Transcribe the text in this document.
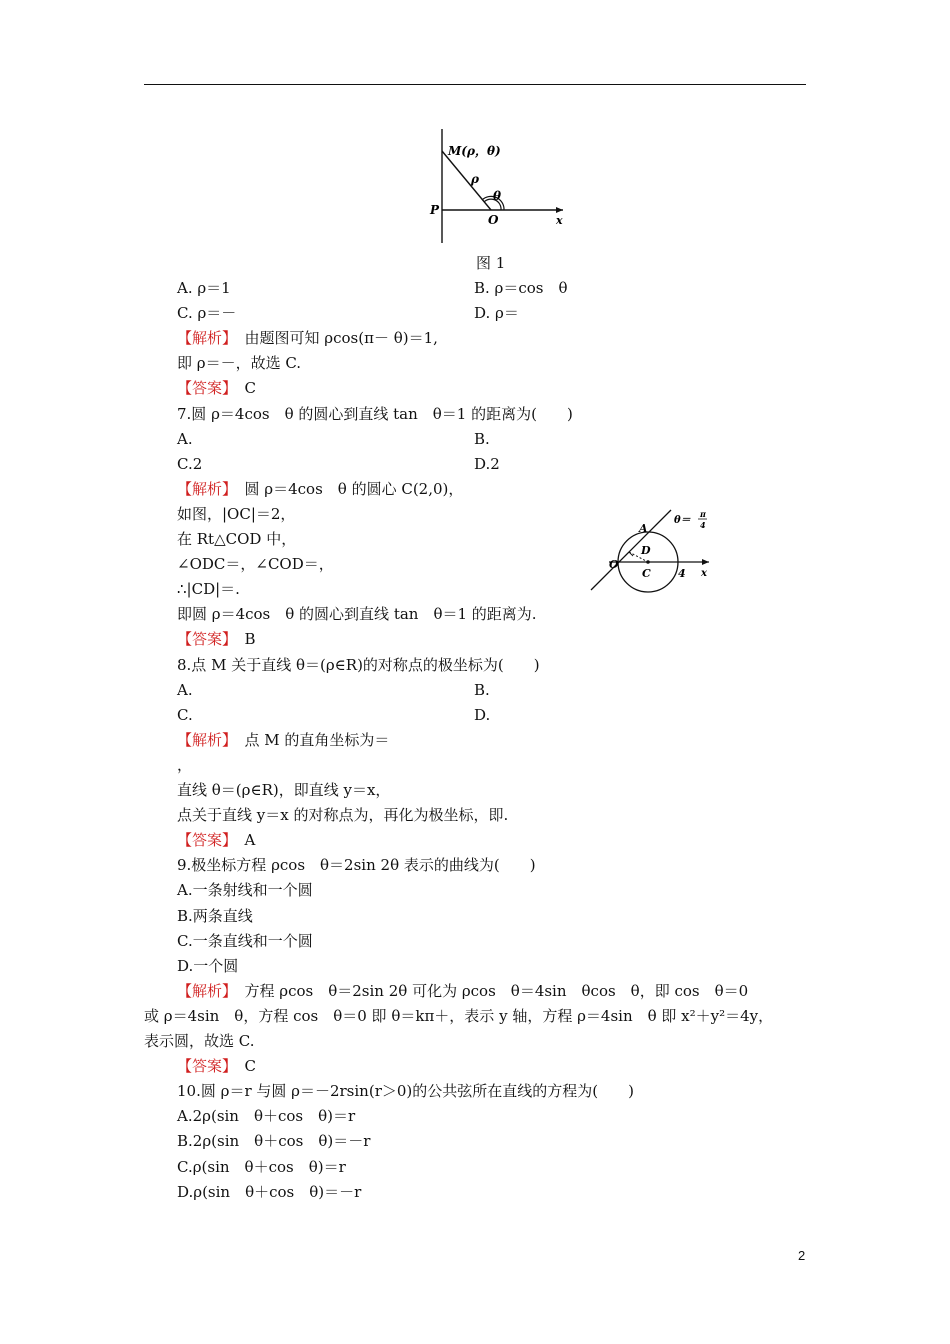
M(ρ，θ)
ρ
θ
P
O	x
图 1
A
D
O
C 4 x
θ＝
π
4
A. ρ＝1	B. ρ＝cos　θ
C. ρ＝－	D. ρ＝
【解析】　由题图可知 ρcos(π－ θ)＝1,
即 ρ＝－，故选 C.
【答案】　C
7.圆 ρ＝4cos　θ 的圆心到直线 tan　θ＝1 的距离为(　　)
A.	B.
C.2	D.2
【解析】　圆 ρ＝4cos　θ 的圆心 C(2,0)，
如图，|OC|＝2，
在 Rt△COD 中，
∠ODC＝，∠COD＝，
∴|CD|＝.
即圆 ρ＝4cos　θ 的圆心到直线 tan　θ＝1 的距离为.
【答案】　B
8.点 M 关于直线 θ＝(ρ∈R)的对称点的极坐标为(　　)
A.	B.
C.	D.
【解析】　点 M 的直角坐标为＝
，
直线 θ＝(ρ∈R)，即直线 y＝x，
点关于直线 y＝x 的对称点为，再化为极坐标，即.
【答案】　A
9.极坐标方程 ρcos　θ＝2sin 2θ 表示的曲线为(　　)
A.一条射线和一个圆
B.两条直线
C.一条直线和一个圆
D.一个圆
【解析】　方程 ρcos　θ＝2sin 2θ 可化为 ρcos　θ＝4sin　θcos　θ，即 cos　θ＝0
或 ρ＝4sin　θ，方程 cos　θ＝0 即 θ＝kπ＋，表示 y 轴，方程 ρ＝4sin　θ 即 x²＋y²＝4y，
表示圆，故选 C.
【答案】　C
10.圆 ρ＝r 与圆 ρ＝－2rsin(r＞0)的公共弦所在直线的方程为(　　)
A.2ρ(sin　θ＋cos　θ)＝r
B.2ρ(sin　θ＋cos　θ)＝－r
C.ρ(sin　θ＋cos　θ)＝r
D.ρ(sin　θ＋cos　θ)＝－r
2
